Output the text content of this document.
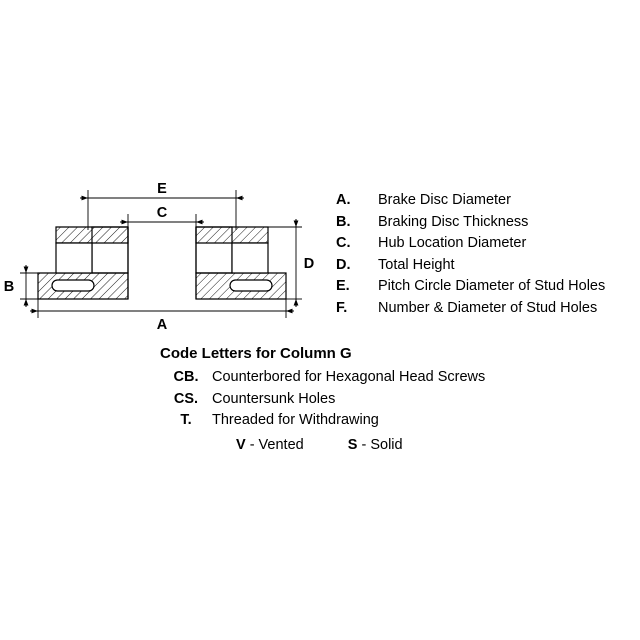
E
C
D
B
A
A.	Brake Disc Diameter
B.	Braking Disc Thickness
C.	Hub Location Diameter
D.	Total Height
E.	Pitch Circle Diameter of Stud Holes
F.	Number & Diameter of Stud Holes
Code Letters for Column G
CB. Counterbored for Hexagonal Head Screws
CS. Countersunk Holes
T.	Threaded for Withdrawing
V - Vented	S - Solid
